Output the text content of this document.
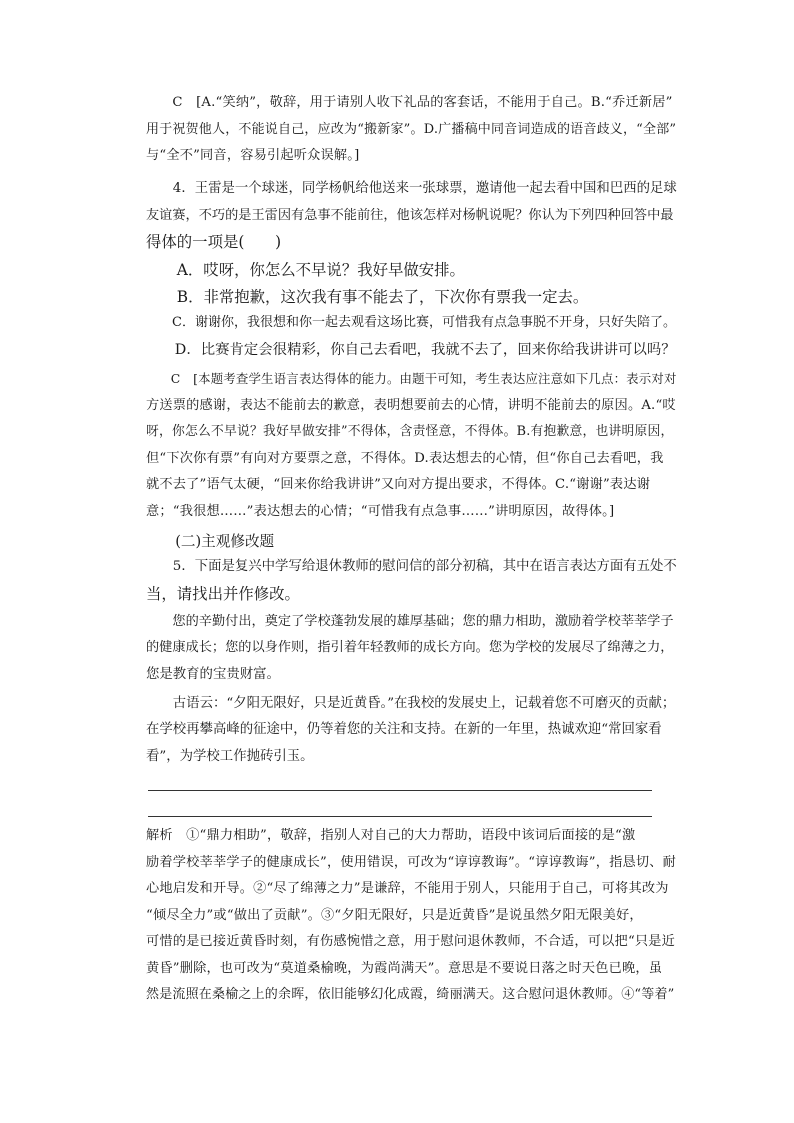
C　[A.“笑纳”，敬辞，用于请别人收下礼品的客套话，不能用于自己。B.“乔迁新居”
用于祝贺他人，不能说自己，应改为“搬新家”。D.广播稿中同音词造成的语音歧义，“全部”
与“全不”同音，容易引起听众误解。]
4．王雷是一个球迷，同学杨帆给他送来一张球票，邀请他一起去看中国和巴西的足球
友谊赛，不巧的是王雷因有急事不能前往，他该怎样对杨帆说呢？你认为下列四种回答中最
得体的一项是(　　)
A．哎呀，你怎么不早说？我好早做安排。
B．非常抱歉，这次我有事不能去了，下次你有票我一定去。
C．谢谢你，我很想和你一起去观看这场比赛，可惜我有点急事脱不开身，只好失陪了。
D．比赛肯定会很精彩，你自己去看吧，我就不去了，回来你给我讲讲可以吗？
C　[本题考查学生语言表达得体的能力。由题干可知，考生表达应注意如下几点：表示对对
方送票的感谢，表达不能前去的歉意，表明想要前去的心情，讲明不能前去的原因。A.“哎
呀，你怎么不早说？我好早做安排”不得体，含责怪意，不得体。B.有抱歉意，也讲明原因，
但“下次你有票”有向对方要票之意，不得体。D.表达想去的心情，但“你自己去看吧，我
就不去了”语气太硬，“回来你给我讲讲”又向对方提出要求，不得体。C.“谢谢”表达谢
意；“我很想……”表达想去的心情；“可惜我有点急事……”讲明原因，故得体。]
(二)主观修改题
5．下面是复兴中学写给退休教师的慰问信的部分初稿，其中在语言表达方面有五处不
当，请找出并作修改。
您的辛勤付出，奠定了学校蓬勃发展的雄厚基础；您的鼎力相助，激励着学校莘莘学子
的健康成长；您的以身作则，指引着年轻教师的成长方向。您为学校的发展尽了绵薄之力，
您是教育的宝贵财富。
古语云：“夕阳无限好，只是近黄昏。”在我校的发展史上，记载着您不可磨灭的贡献；
在学校再攀高峰的征途中，仍等着您的关注和支持。在新的一年里，热诚欢迎“常回家看
看”，为学校工作抛砖引玉。
解析　①“鼎力相助”，敬辞，指别人对自己的大力帮助，语段中该词后面接的是“激
励着学校莘莘学子的健康成长”，使用错误，可改为“谆谆教诲”。“谆谆教诲”，指恳切、耐
心地启发和开导。②“尽了绵薄之力”是谦辞，不能用于别人，只能用于自己，可将其改为
“倾尽全力”或“做出了贡献”。③“夕阳无限好，只是近黄昏”是说虽然夕阳无限美好，
可惜的是已接近黄昏时刻，有伤感惋惜之意，用于慰问退休教师，不合适，可以把“只是近
黄昏”删除，也可改为“莫道桑榆晚，为霞尚满天”。意思是不要说日落之时天色已晚，虽
然是流照在桑榆之上的余晖，依旧能够幻化成霞，绮丽满天。这合慰问退休教师。④“等着”
